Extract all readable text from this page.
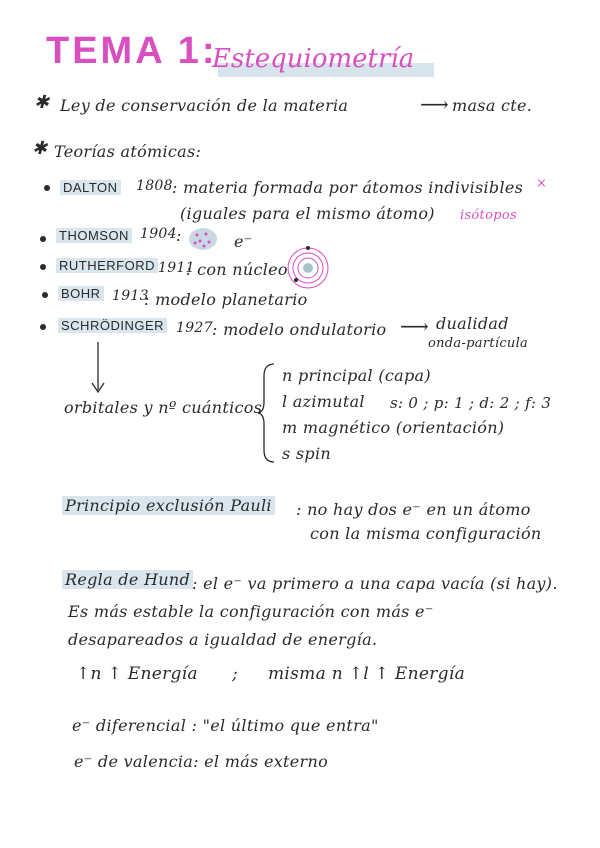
TEMA 1:
Estequiometría
✱ Ley de conservación de la materia	⟶ masa cte.
✱ Teorías atómicas:
DALTON 1808 : materia formada por átomos indivisibles ×
(iguales para el mismo átomo) isótopos
THOMSON 1904 :	e⁻
RUTHERFORD 1911
: con núcleo
BOHR 1913
: modelo planetario
SCHRÖDINGER 1927 : modelo ondulatorio ⟶ dualidad
onda-partícula
orbitales y nº cuánticos
n principal (capa)
l azimutal s: 0 ; p: 1 ; d: 2 ; f: 3
m magnético (orientación)
s spin
Principio exclusión Pauli : no hay dos e⁻ en un átomo
con la misma configuración
Regla de Hund : el e⁻ va primero a una capa vacía (si hay).
Es más estable la configuración con más e⁻
desapareados a igualdad de energía.
↑n ↑ Energía ; misma n ↑l ↑ Energía
e⁻ diferencial : "el último que entra"
e⁻ de valencia: el más externo
